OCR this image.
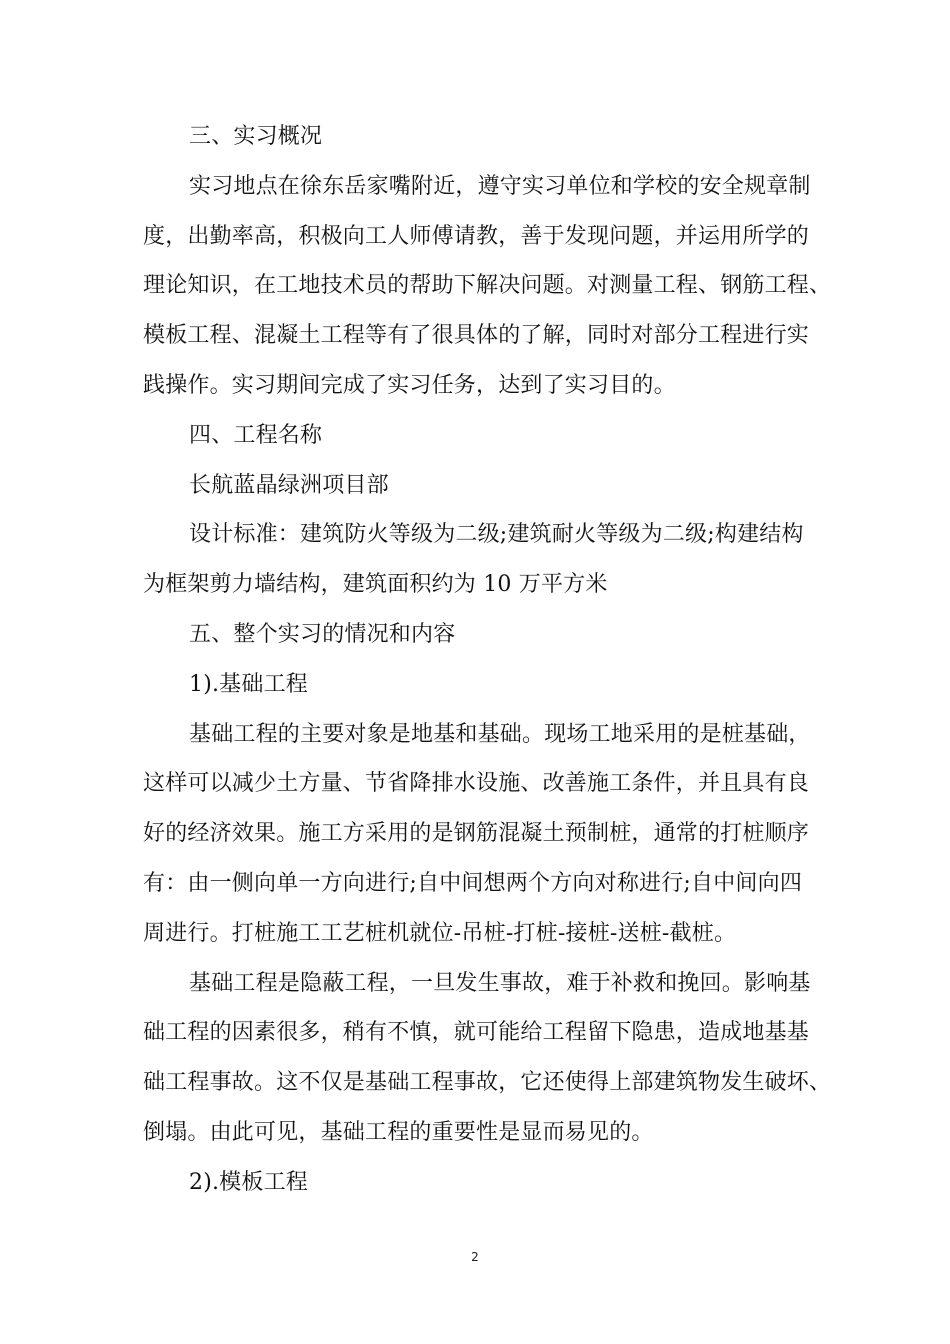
三、实习概况

实习地点在徐东岳家嘴附近，遵守实习单位和学校的安全规章制

度，出勤率高，积极向工人师傅请教，善于发现问题，并运用所学的

理论知识，在工地技术员的帮助下解决问题。对测量工程、钢筋工程、

模板工程、混凝土工程等有了很具体的了解，同时对部分工程进行实

践操作。实习期间完成了实习任务，达到了实习目的。

四、工程名称

长航蓝晶绿洲项目部

设计标准：建筑防火等级为二级;建筑耐火等级为二级;构建结构

为框架剪力墙结构，建筑面积约为 10 万平方米

五、整个实习的情况和内容

1).基础工程

基础工程的主要对象是地基和基础。现场工地采用的是桩基础，

这样可以减少土方量、节省降排水设施、改善施工条件，并且具有良

好的经济效果。施工方采用的是钢筋混凝土预制桩，通常的打桩顺序

有：由一侧向单一方向进行;自中间想两个方向对称进行;自中间向四

周进行。打桩施工工艺桩机就位-吊桩-打桩-接桩-送桩-截桩。

基础工程是隐蔽工程，一旦发生事故，难于补救和挽回。影响基

础工程的因素很多，稍有不慎，就可能给工程留下隐患，造成地基基

础工程事故。这不仅是基础工程事故，它还使得上部建筑物发生破坏、

倒塌。由此可见，基础工程的重要性是显而易见的。

2).模板工程

2
